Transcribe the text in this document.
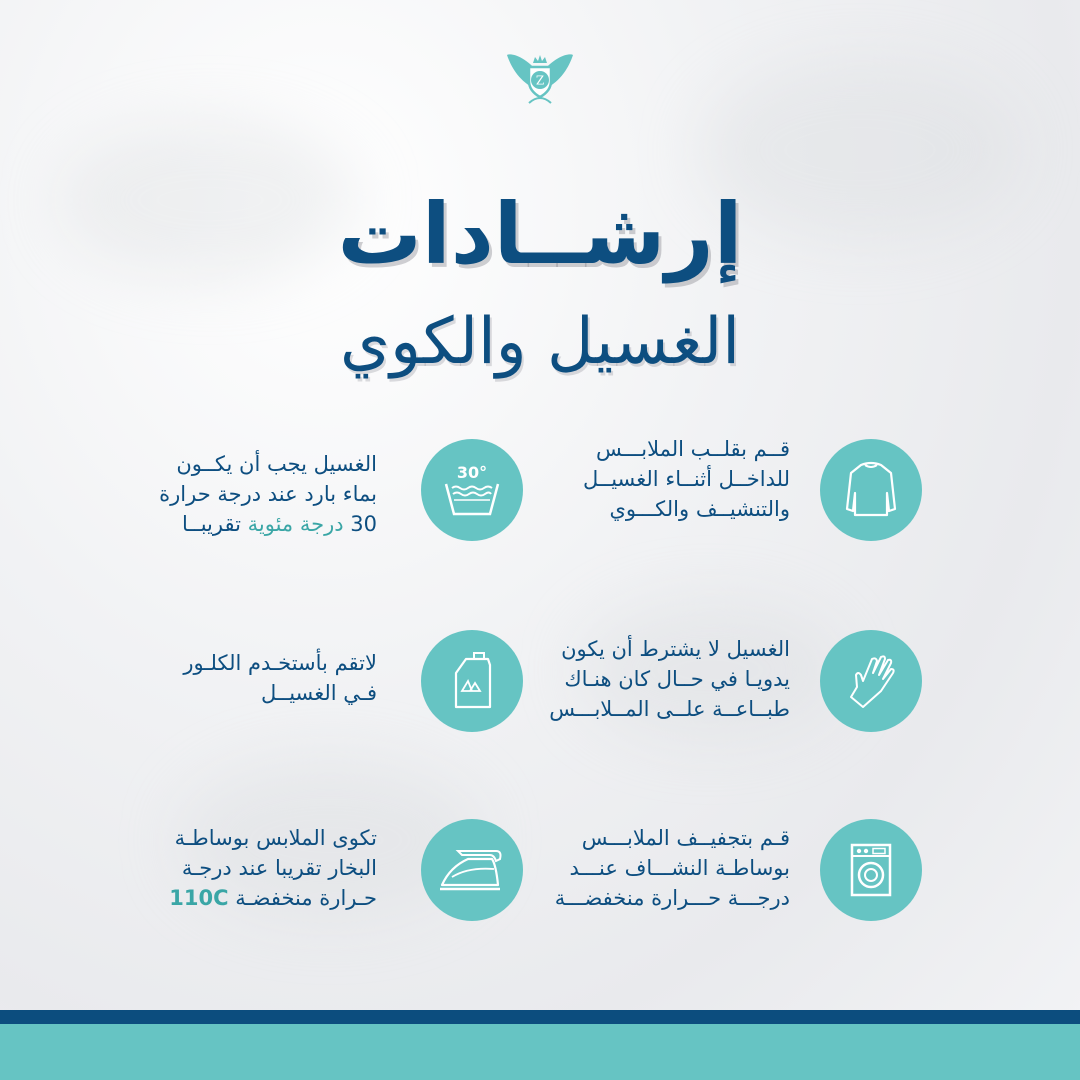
Z
إرشــادات
الغسيل والكوي
30°
الغسيل يجب أن يكــون
بماء بارد عند درجة حرارة
30 درجة مئوية تقريبــا
قــم بقلــب الملابـــس
للداخــل أثنــاء الغسيــل
والتنشيــف والكـــوي
لاتقم بأستخـدم الكلـور
فـي الغسيــل
الغسيل لا يشترط أن يكون
يدويـا في حــال كان هنـاك
طبــاعــة علــى المــلابـــس
تكوى الملابس بوساطـة
البخار تقريبا عند درجـة
حـرارة منخفضـة 110C
قـم بتجفيــف الملابـــس
بوساطـة النشـــاف عنـــد
درجـــة حـــرارة منخفضـــة
